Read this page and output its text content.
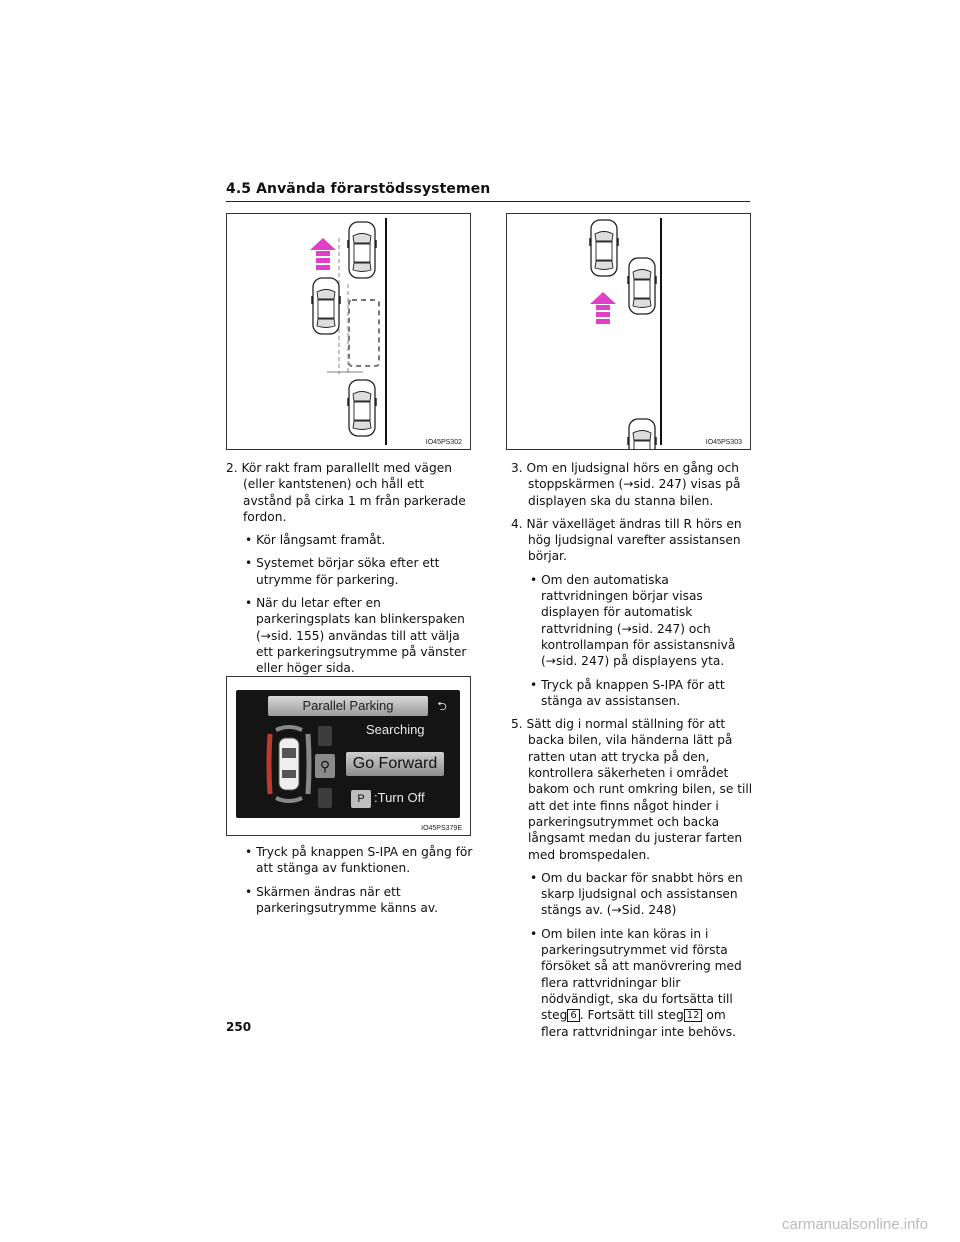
4.5 Använda förarstödssystemen
IO45PS302	IO45PS303

2. Kör rakt fram parallellt med vägen (eller kantstenen) och håll ett avstånd på cirka 1 m från parkerade fordon.

• Kör långsamt framåt.

• Systemet börjar söka efter ett utrymme för parkering.

• När du letar efter en parkeringsplats kan blinkerspaken (→sid. 155) användas till att välja ett parkeringsutrymme på vänster eller höger sida.

IO45PS379E
Parallel Parking	⮌
⚲
Searching
Go Forward
P :Turn Off

• Tryck på knappen S-IPA en gång för att stänga av funktionen.

• Skärmen ändras när ett parkeringsutrymme känns av.

3. Om en ljudsignal hörs en gång och stoppskärmen (→sid. 247) visas på displayen ska du stanna bilen.

4. När växelläget ändras till R hörs en hög ljudsignal varefter assistansen börjar.

• Om den automatiska rattvridningen börjar visas displayen för automatisk rattvridning (→sid. 247) och kontrollampan för assistansnivå (→sid. 247) på displayens yta.

• Tryck på knappen S-IPA för att stänga av assistansen.

5. Sätt dig i normal ställning för att backa bilen, vila händerna lätt på ratten utan att trycka på den, kontrollera säkerheten i området bakom och runt omkring bilen, se till att det inte finns något hinder i parkeringsutrymmet och backa långsamt medan du justerar farten med bromspedalen.

• Om du backar för snabbt hörs en skarp ljudsignal och assistansen stängs av. (→Sid. 248)

• Om bilen inte kan köras in i parkeringsutrymmet vid första försöket så att manövrering med flera rattvridningar blir nödvändigt, ska du fortsätta till steg 6 . Fortsätt till steg 12 om flera rattvridningar inte behövs.

250
carmanualsonline.info
